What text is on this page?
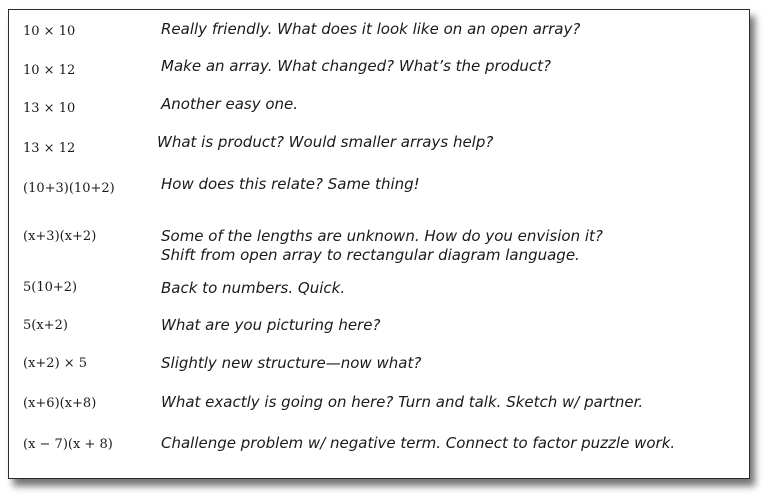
10 × 10	Really friendly. What does it look like on an open array?
10 × 12	Make an array. What changed? What’s the product?
13 × 10	Another easy one.
13 × 12	What is product? Would smaller arrays help?
(10+3)(10+2)	How does this relate? Same thing!
(x+3)(x+2)	Some of the lengths are unknown. How do you envision it?
Shift from open array to rectangular diagram language.
5(10+2)	Back to numbers. Quick.
5(x+2)	What are you picturing here?
(x+2) × 5	Slightly new structure—now what?
(x+6)(x+8)	What exactly is going on here? Turn and talk. Sketch w/ partner.
(x − 7)(x + 8)	Challenge problem w/ negative term. Connect to factor puzzle work.
